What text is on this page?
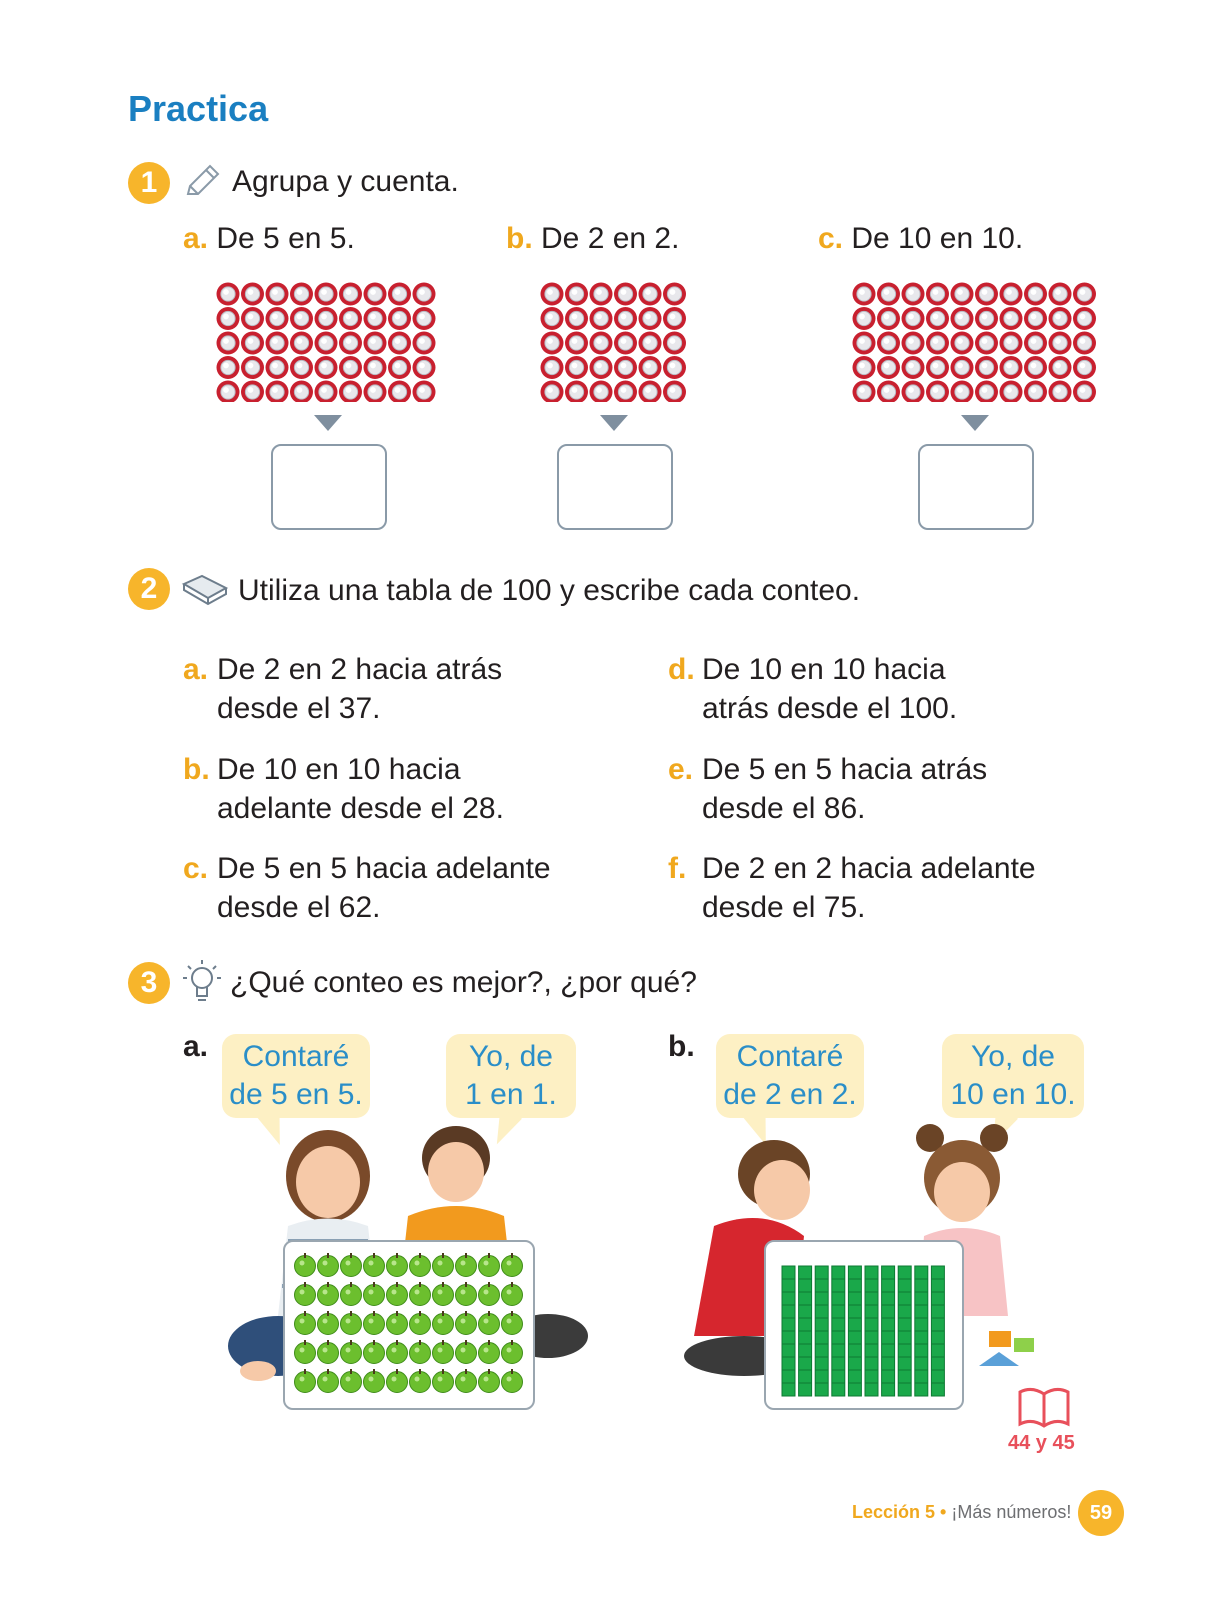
Practica
1	Agrupa y cuenta.
a. De 5 en 5.	b. De 2 en 2.	c. De 10 en 10.
2	Utiliza una tabla de 100 y escribe cada conteo.
a. De 2 en 2 hacia atrás
desde el 37.
b. De 10 en 10 hacia
adelante desde el 28.
c. De 5 en 5 hacia adelante
desde el 62.
d. De 10 en 10 hacia
atrás desde el 100.
e. De 5 en 5 hacia atrás
desde el 86.
f. De 2 en 2 hacia adelante
desde el 75.
3	¿Qué conteo es mejor?, ¿por qué?
a.	Contaré
de 5 en 5.
Yo, de
1 en 1.
b.	Contaré
de 2 en 2.
Yo, de
10 en 10.
44 y 45
Lección 5 • ¡Más números! 59
